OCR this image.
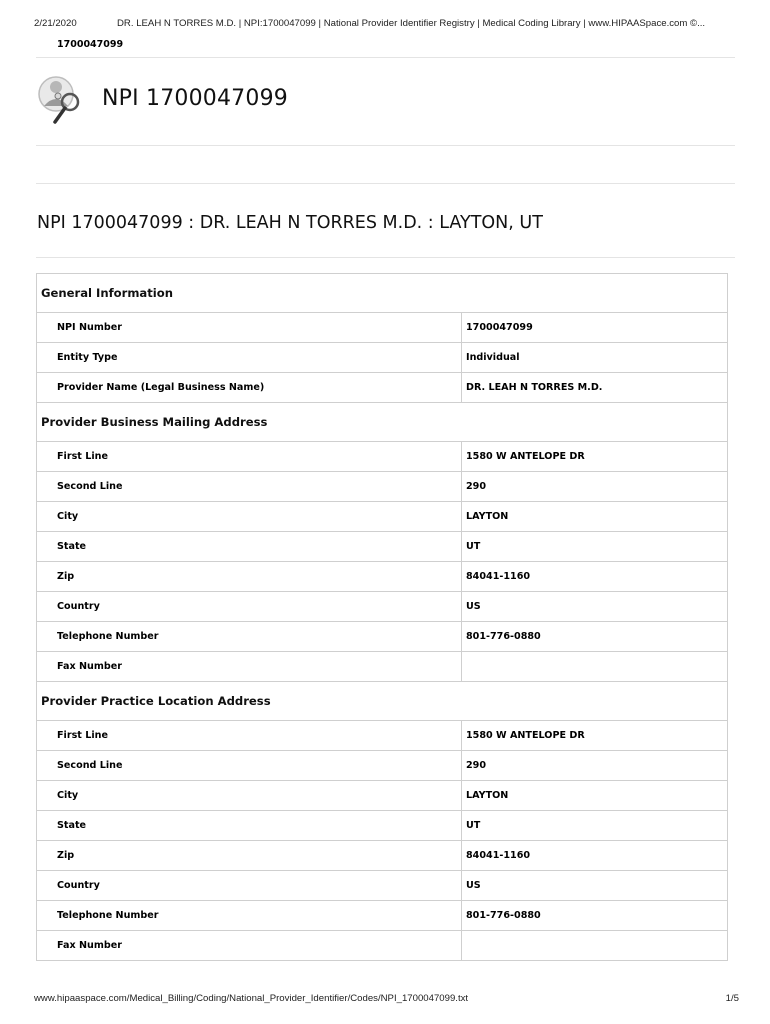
2/21/2020	DR. LEAH N TORRES M.D. | NPI:1700047099 | National Provider Identifier Registry | Medical Coding Library | www.HIPAASpace.com ©...
1700047099
NPI 1700047099
NPI 1700047099 : DR. LEAH N TORRES M.D. : LAYTON, UT
General Information	
NPI Number	1700047099
Entity Type	Individual
Provider Name (Legal Business Name)	DR. LEAH N TORRES M.D.
Provider Business Mailing Address	
First Line	1580 W ANTELOPE DR
Second Line	290
City	LAYTON
State	UT
Zip	84041-1160
Country	US
Telephone Number	801-776-0880
Fax Number	
Provider Practice Location Address	
First Line	1580 W ANTELOPE DR
Second Line	290
City	LAYTON
State	UT
Zip	84041-1160
Country	US
Telephone Number	801-776-0880
Fax Number	
www.hipaaspace.com/Medical_Billing/Coding/National_Provider_Identifier/Codes/NPI_1700047099.txt	1/5
